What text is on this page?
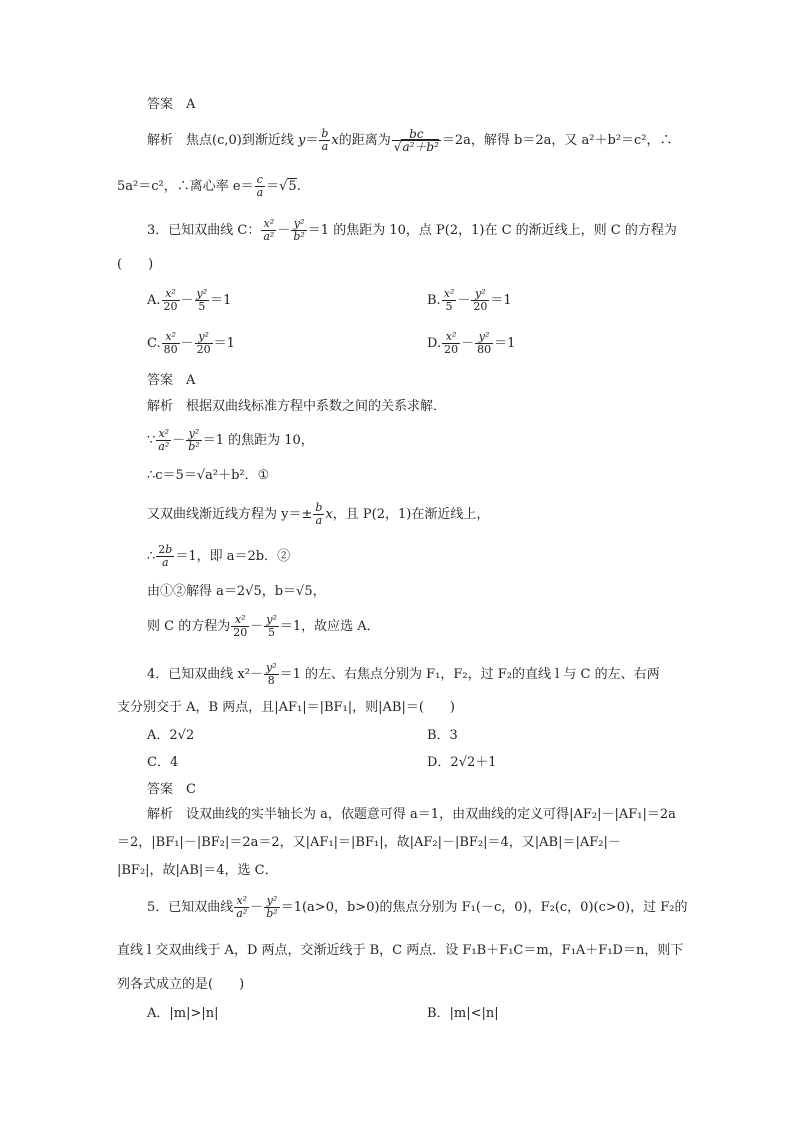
答案　 A
解析　 焦点(c,0)到渐近线 $y= \frac{b}{a}$ x的距离为 $\frac{bc}{\text{√a²＋b²}} =2a$，解得 b＝2a，又 a²＋b²＝c²，∴
5a²＝c²，∴离心率 $e= \frac{c}{a} =√5$.
3．已知双曲线 C： $\frac{\text{x²}}{\text{a²}} - \frac{\text{y²}}{\text{b²}} =1$ 的焦距为 10，点 P(2，1)在 C 的渐近线上，则 C 的方程为
(　　)
A. $\frac{\text{x²}}{20} - \frac{\text{y²}}{5} =1$	B. $\frac{\text{x²}}{5} - \frac{\text{y²}}{20} =1$
C. $\frac{\text{x²}}{80} - \frac{\text{y²}}{20} =1$	D. $\frac{\text{x²}}{20} - \frac{\text{y²}}{80} =1$
答案　 A
解析　 根据双曲线标准方程中系数之间的关系求解．
∵ $\frac{\text{x²}}{\text{a²}} - \frac{\text{y²}}{\text{b²}} =1$ 的焦距为 10，
∴c＝5＝√a²＋b²．①
又双曲线渐近线方程为 $y=\pm \frac{b}{a}$ x，且 P(2，1)在渐近线上，
∴ $\frac{2b}{a} =1$，即 a＝2b．②
由①②解得 a＝2√5，b＝√5，
则 C 的方程为 $\frac{\text{x²}}{20} - \frac{\text{y²}}{5} =1$，故应选 A．
4．已知双曲线 $x^2- \frac{\text{y²}}{8} =1$ 的左、右焦点分别为 F₁，F₂，过 F₂的直线 l 与 C 的左、右两
支分别交于 A，B 两点，且|AF₁|＝|BF₁|，则|AB|＝(　　)
A．2√2	B．3
C．4	D．2√2＋1
答案　 C
解析　 设双曲线的实半轴长为 a，依题意可得 a＝1，由双曲线的定义可得|AF₂|－|AF₁|＝2a
＝2，|BF₁|－|BF₂|＝2a＝2，又|AF₁|＝|BF₁|，故|AF₂|－|BF₂|＝4，又|AB|＝|AF₂|－
|BF₂|，故|AB|＝4，选 C．
5．已知双曲线 $\frac{\text{x²}}{\text{a²}} - \frac{\text{y²}}{\text{b²}} =1(a>0$，b>0)的焦点分别为 F₁(－c，0)，F₂(c，0)(c>0)，过 F₂的
直线 l 交双曲线于 A，D 两点，交渐近线于 B，C 两点．设 F₁B＋F₁C＝m，F₁A＋F₁D＝n，则下
列各式成立的是(　　)
A．|m|>|n|	B．|m|<|n|
